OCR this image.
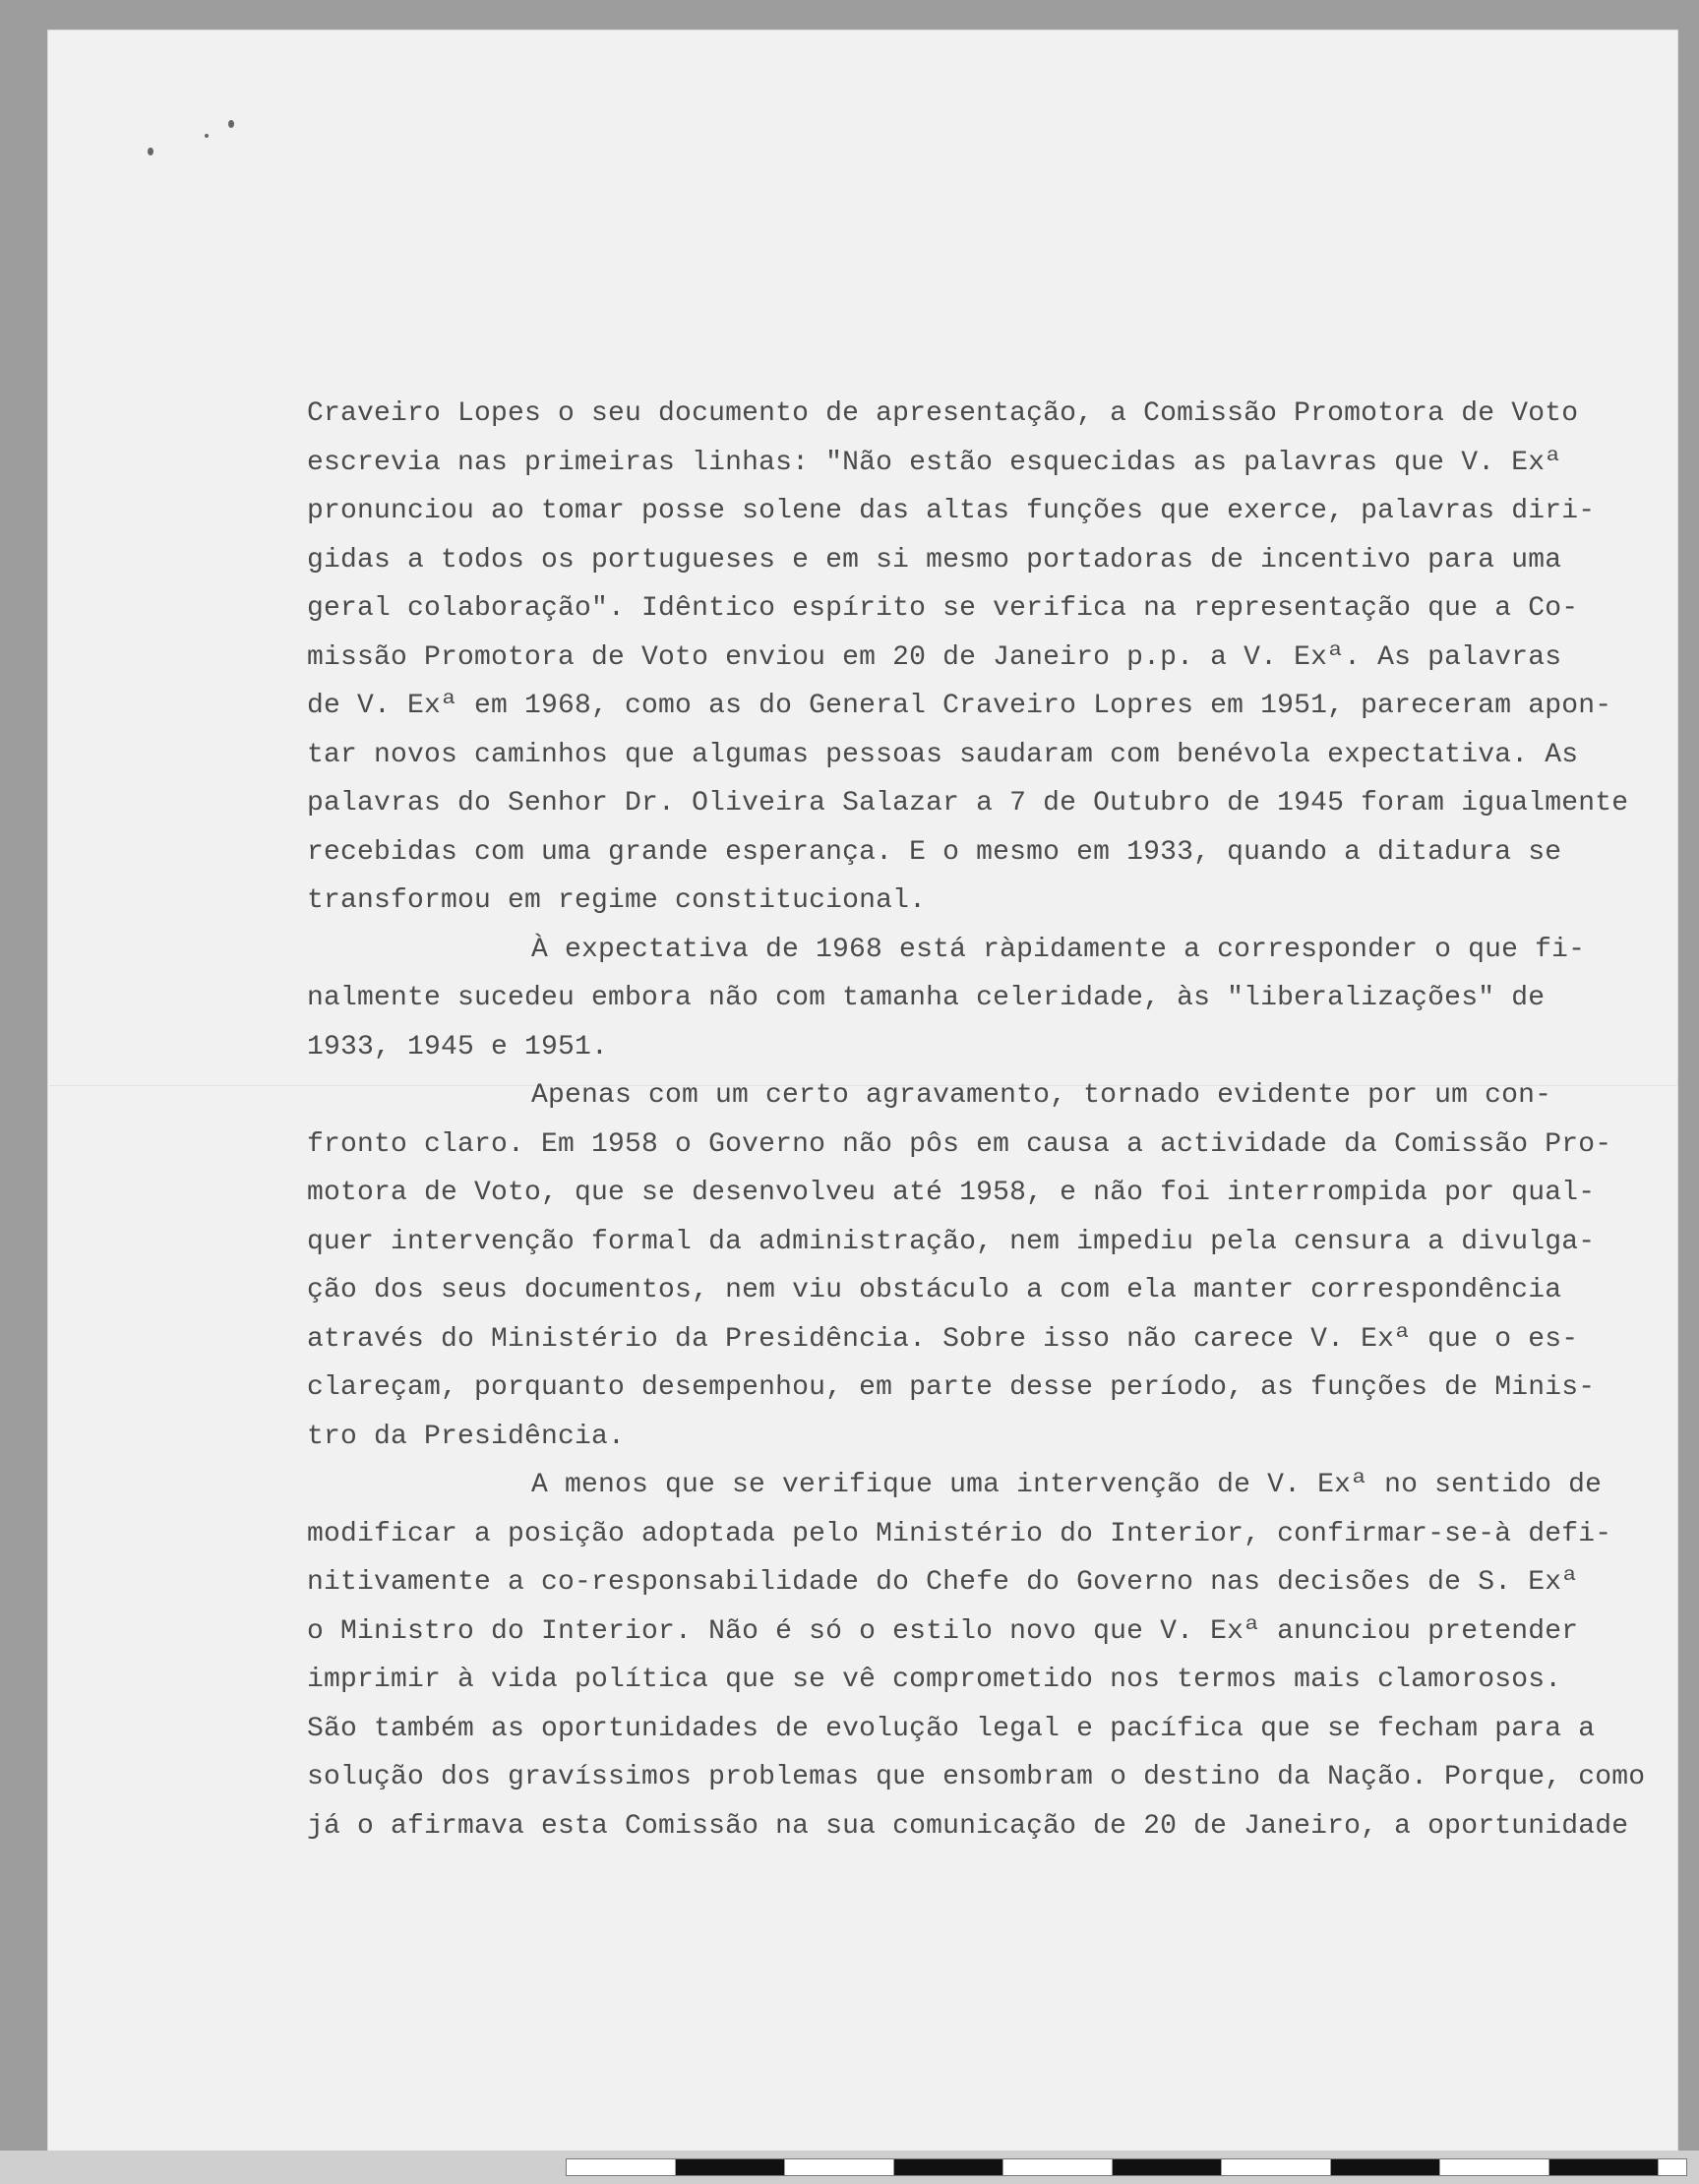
Craveiro Lopes o seu documento de apresentação, a Comissão Promotora de Voto
escrevia nas primeiras linhas: "Não estão esquecidas as palavras que V. Exª
pronunciou ao tomar posse solene das altas funções que exerce, palavras diri-
gidas a todos os portugueses e em si mesmo portadoras de incentivo para uma
geral colaboração". Idêntico espírito se verifica na representação que a Co-
missão Promotora de Voto enviou em 20 de Janeiro p.p. a V. Exª. As palavras
de V. Exª em 1968, como as do General Craveiro Lopres em 1951, pareceram apon-
tar novos caminhos que algumas pessoas saudaram com benévola expectativa. As
palavras do Senhor Dr. Oliveira Salazar a 7 de Outubro de 1945 foram igualmente
recebidas com uma grande esperança. E o mesmo em 1933, quando a ditadura se
transformou em regime constitucional.
À expectativa de 1968 está ràpidamente a corresponder o que fi-
nalmente sucedeu embora não com tamanha celeridade, às "liberalizações" de
1933, 1945 e 1951.
Apenas com um certo agravamento, tornado evidente por um con-
fronto claro. Em 1958 o Governo não pôs em causa a actividade da Comissão Pro-
motora de Voto, que se desenvolveu até 1958, e não foi interrompida por qual-
quer intervenção formal da administração, nem impediu pela censura a divulga-
ção dos seus documentos, nem viu obstáculo a com ela manter correspondência
através do Ministério da Presidência. Sobre isso não carece V. Exª que o es-
clareçam, porquanto desempenhou, em parte desse período, as funções de Minis-
tro da Presidência.
A menos que se verifique uma intervenção de V. Exª no sentido de
modificar a posição adoptada pelo Ministério do Interior, confirmar-se-à defi-
nitivamente a co-responsabilidade do Chefe do Governo nas decisões de S. Exª
o Ministro do Interior. Não é só o estilo novo que V. Exª anunciou pretender
imprimir à vida política que se vê comprometido nos termos mais clamorosos.
São também as oportunidades de evolução legal e pacífica que se fecham para a
solução dos gravíssimos problemas que ensombram o destino da Nação. Porque, como
já o afirmava esta Comissão na sua comunicação de 20 de Janeiro, a oportunidade
